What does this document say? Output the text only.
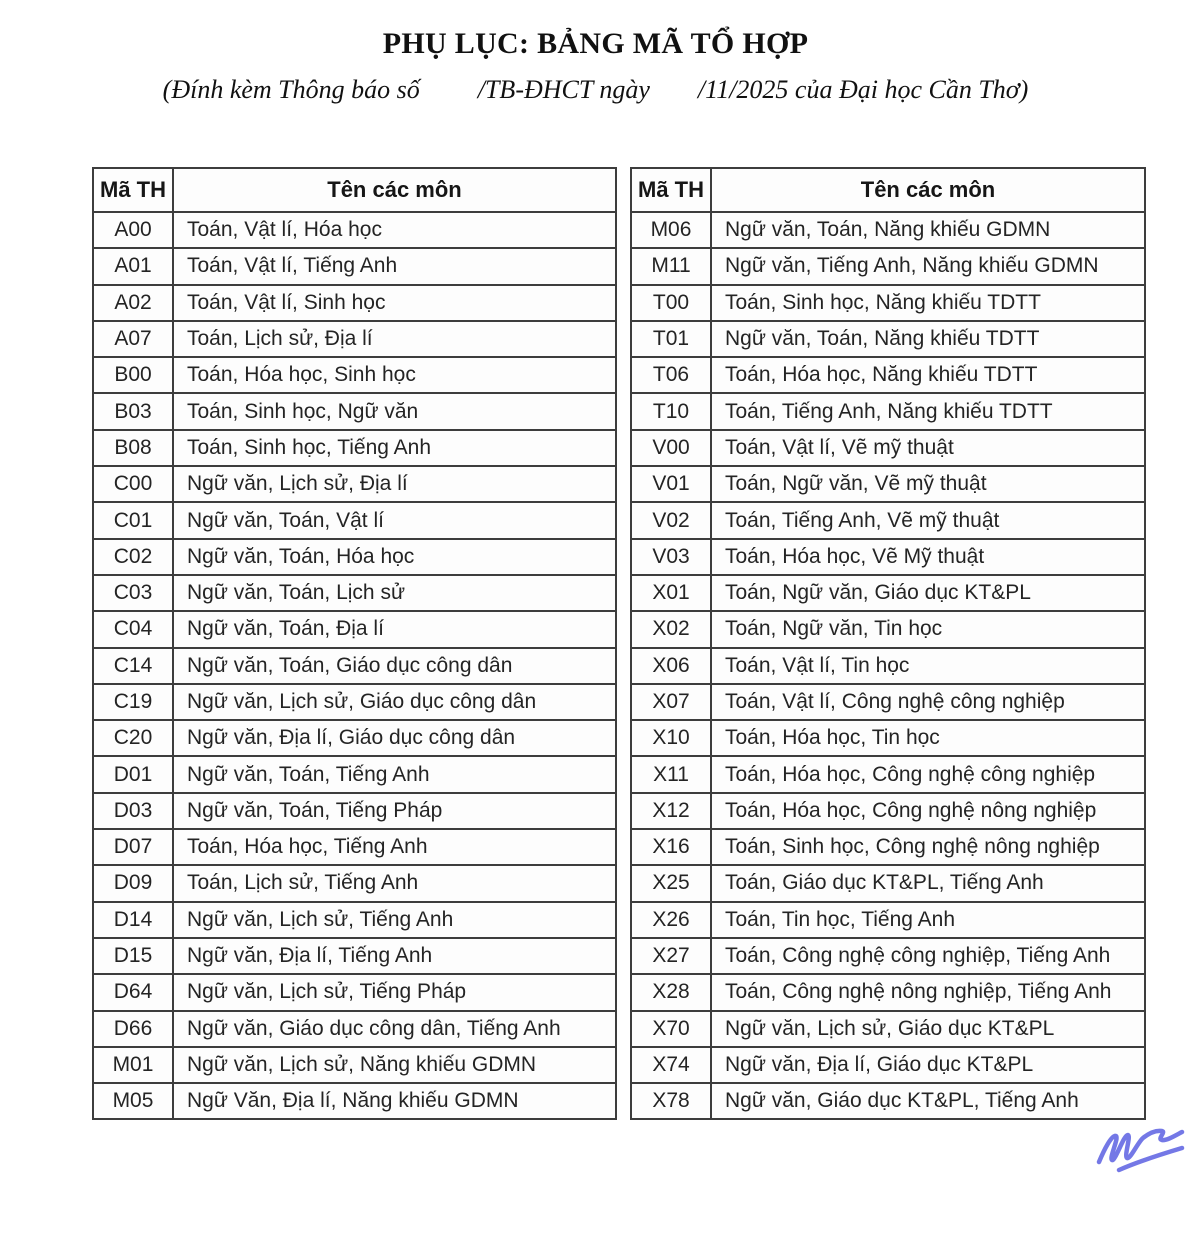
PHỤ LỤC: BẢNG MÃ TỔ HỢP
(Đính kèm Thông báo số /TB-ĐHCT ngày /11/2025 của Đại học Cần Thơ)
Mã TH	Tên các môn
A00	Toán, Vật lí, Hóa học
A01	Toán, Vật lí, Tiếng Anh
A02	Toán, Vật lí, Sinh học
A07	Toán, Lịch sử, Địa lí
B00	Toán, Hóa học, Sinh học
B03	Toán, Sinh học, Ngữ văn
B08	Toán, Sinh học, Tiếng Anh
C00	Ngữ văn, Lịch sử, Địa lí
C01	Ngữ văn, Toán, Vật lí
C02	Ngữ văn, Toán, Hóa học
C03	Ngữ văn, Toán, Lịch sử
C04	Ngữ văn, Toán, Địa lí
C14	Ngữ văn, Toán, Giáo dục công dân
C19	Ngữ văn, Lịch sử, Giáo dục công dân
C20	Ngữ văn, Địa lí, Giáo dục công dân
D01	Ngữ văn, Toán, Tiếng Anh
D03	Ngữ văn, Toán, Tiếng Pháp
D07	Toán, Hóa học, Tiếng Anh
D09	Toán, Lịch sử, Tiếng Anh
D14	Ngữ văn, Lịch sử, Tiếng Anh
D15	Ngữ văn, Địa lí, Tiếng Anh
D64	Ngữ văn, Lịch sử, Tiếng Pháp
D66	Ngữ văn, Giáo dục công dân, Tiếng Anh
M01	Ngữ văn, Lịch sử, Năng khiếu GDMN
M05	Ngữ Văn, Địa lí, Năng khiếu GDMN
Mã TH	Tên các môn
M06	Ngữ văn, Toán, Năng khiếu GDMN
M11	Ngữ văn, Tiếng Anh, Năng khiếu GDMN
T00	Toán, Sinh học, Năng khiếu TDTT
T01	Ngữ văn, Toán, Năng khiếu TDTT
T06	Toán, Hóa học, Năng khiếu TDTT
T10	Toán, Tiếng Anh, Năng khiếu TDTT
V00	Toán, Vật lí, Vẽ mỹ thuật
V01	Toán, Ngữ văn, Vẽ mỹ thuật
V02	Toán, Tiếng Anh, Vẽ mỹ thuật
V03	Toán, Hóa học, Vẽ Mỹ thuật
X01	Toán, Ngữ văn, Giáo dục KT&PL
X02	Toán, Ngữ văn, Tin học
X06	Toán, Vật lí, Tin học
X07	Toán, Vật lí, Công nghệ công nghiệp
X10	Toán, Hóa học, Tin học
X11	Toán, Hóa học, Công nghệ công nghiệp
X12	Toán, Hóa học, Công nghệ nông nghiệp
X16	Toán, Sinh học, Công nghệ nông nghiệp
X25	Toán, Giáo dục KT&PL, Tiếng Anh
X26	Toán, Tin học, Tiếng Anh
X27	Toán, Công nghệ công nghiệp, Tiếng Anh
X28	Toán, Công nghệ nông nghiệp, Tiếng Anh
X70	Ngữ văn, Lịch sử, Giáo dục KT&PL
X74	Ngữ văn, Địa lí, Giáo dục KT&PL
X78	Ngữ văn, Giáo dục KT&PL, Tiếng Anh
